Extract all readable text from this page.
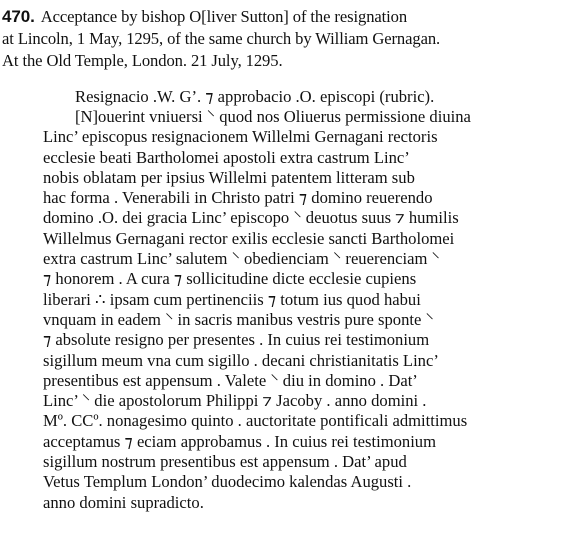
470. Acceptance by bishop O[liver Sutton] of the resignation
at Lincoln, 1 May, 1295, of the same church by William Gernagan.
At the Old Temple, London. 21 July, 1295.
Resignacio .W. G’. ⁊ approbacio .O. episcopi (rubric).
[N]ouerint vniuersi ⸌ quod nos Oliuerus permissione diuina
Linc’ episcopus resignacionem Willelmi Gernagani rectoris
ecclesie beati Bartholomei apostoli extra castrum Linc’
nobis oblatam per ipsius Willelmi patentem litteram sub
hac forma . Venerabili in Christo patri ⁊ domino reuerendo
domino .O. dei gracia Linc’ episcopo ⸌ deuotus suus ⁊ humilis
Willelmus Gernagani rector exilis ecclesie sancti Bartholomei
extra castrum Linc’ salutem ⸌ obedienciam ⸌ reuerenciam ⸌
⁊ honorem . A cura ⁊ sollicitudine dicte ecclesie cupiens
liberari ∴ ipsam cum pertinenciis ⁊ totum ius quod habui
vnquam in eadem ⸌ in sacris manibus vestris pure sponte ⸌
⁊ absolute resigno per presentes . In cuius rei testimonium
sigillum meum vna cum sigillo . decani christianitatis Linc’
presentibus est appensum . Valete ⸌ diu in domino . Dat’
Linc’ ⸌ die apostolorum Philippi ⁊ Jacoby . anno domini .
Mº. CCº. nonagesimo quinto . auctoritate pontificali admittimus
acceptamus ⁊ eciam approbamus . In cuius rei testimonium
sigillum nostrum presentibus est appensum . Dat’ apud
Vetus Templum London’ duodecimo kalendas Augusti .
anno domini supradicto.
